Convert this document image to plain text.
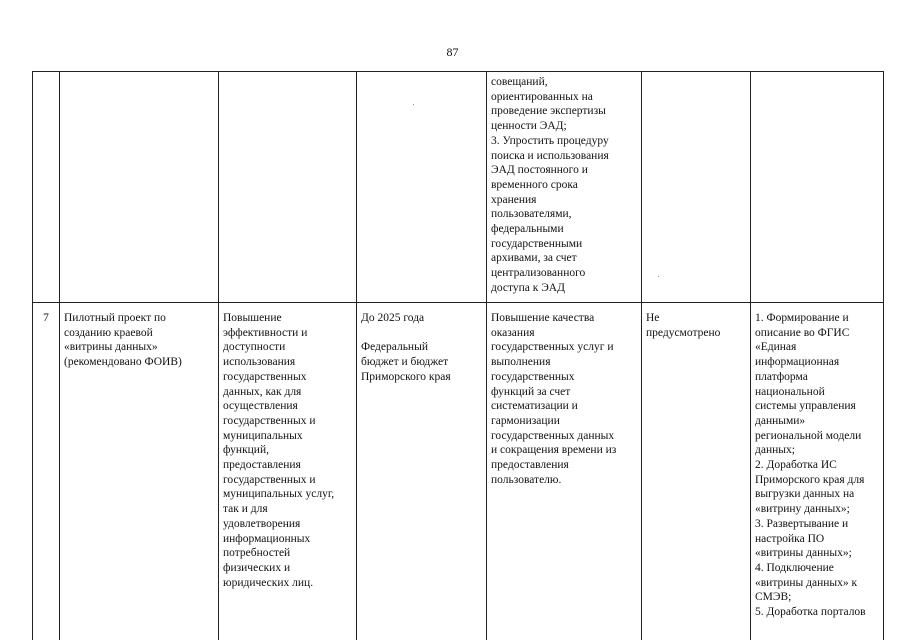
87
совещаний,
ориентированных на
проведение экспертизы
ценности ЭАД;
3. Упростить процедуру
поиска и использования
ЭАД постоянного и
временного срока
хранения
пользователями,
федеральными
государственными
архивами, за счет
централизованного
доступа к ЭАД
7	Пилотный проект по
созданию краевой
«витрины данных»
(рекомендовано ФОИВ)
Повышение
эффективности и
доступности
использования
государственных
данных, как для
осуществления
государственных и
муниципальных
функций,
предоставления
государственных и
муниципальных услуг,
так и для
удовлетворения
информационных
потребностей
физических и
юридических лиц.
До 2025 года

Федеральный
бюджет и бюджет
Приморского края
Повышение качества
оказания
государственных услуг и
выполнения
государственных
функций за счет
систематизации и
гармонизации
государственных данных
и сокращения времени из
предоставления
пользователю.
Не
предусмотрено
1. Формирование и
описание во ФГИС
«Единая
информационная
платформа
национальной
системы управления
данными»
региональной модели
данных;
2. Доработка ИС
Приморского края для
выгрузки данных на
«витрину данных»;
3. Развертывание и
настройка ПО
«витрины данных»;
4. Подключение
«витрины данных» к
СМЭВ;
5. Доработка порталов
